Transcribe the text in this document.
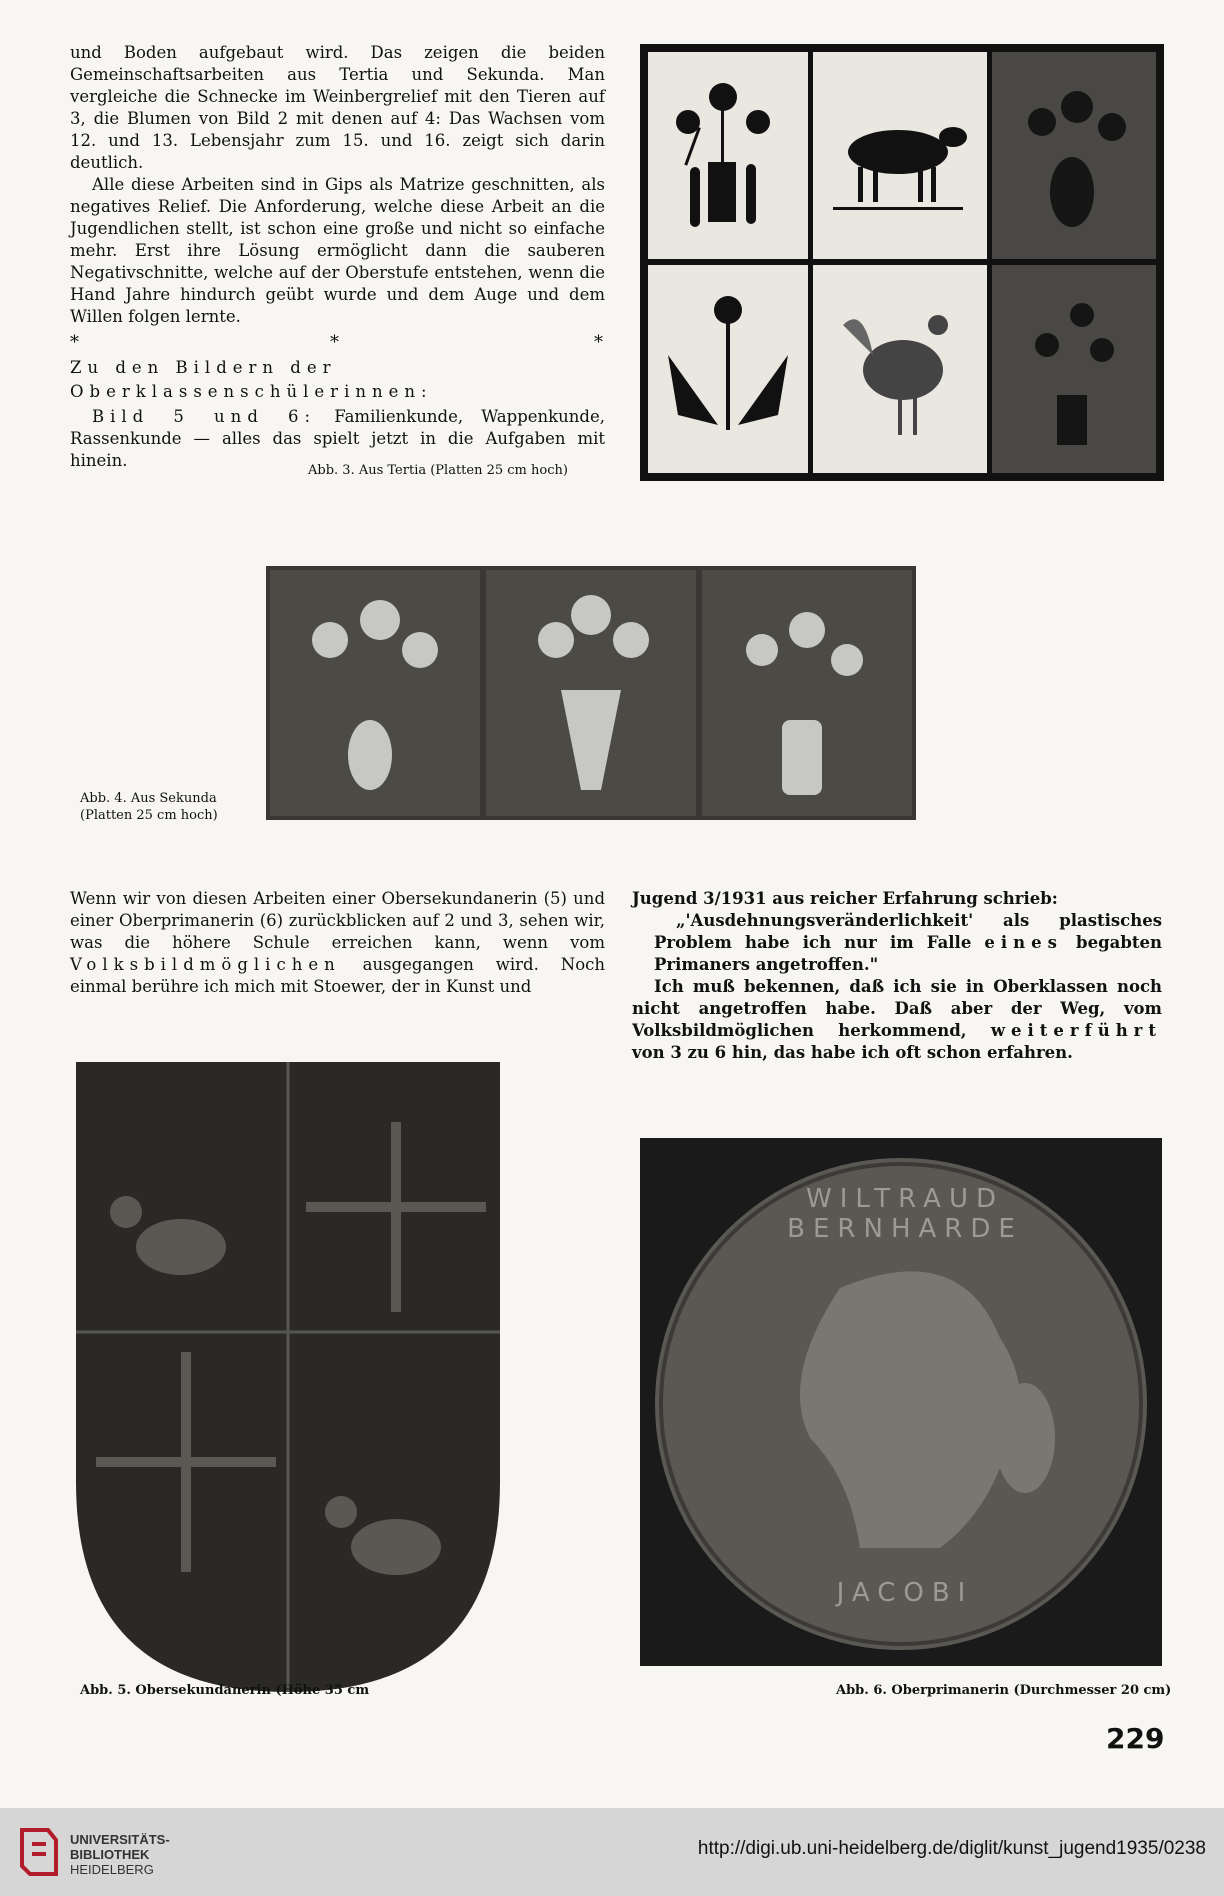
und Boden aufgebaut wird. Das zeigen die beiden Gemeinschaftsarbeiten aus Tertia und Sekunda. Man vergleiche die Schnecke im Weinbergrelief mit den Tieren auf 3, die Blumen von Bild 2 mit denen auf 4: Das Wachsen vom 12. und 13. Lebensjahr zum 15. und 16. zeigt sich darin deutlich.

Alle diese Arbeiten sind in Gips als Matrize geschnitten, als negatives Relief. Die Anforderung, welche diese Arbeit an die Jugendlichen stellt, ist schon eine große und nicht so einfache mehr. Erst ihre Lösung ermöglicht dann die sauberen Negativschnitte, welche auf der Oberstufe entstehen, wenn die Hand Jahre hindurch geübt wurde und dem Auge und dem Willen folgen lernte.

*	*	*
Zu den Bildern der Oberklassenschülerinnen:

Bild 5 und 6: Familienkunde, Wappenkunde, Rassenkunde — alles das spielt jetzt in die Aufgaben mit hinein.

Abb. 3. Aus Tertia (Platten 25 cm hoch)
Abb. 4. Aus Sekunda
(Platten 25 cm hoch)

Wenn wir von diesen Arbeiten einer Obersekundanerin (5) und einer Oberprimanerin (6) zurückblicken auf 2 und 3, sehen wir, was die höhere Schule erreichen kann, wenn vom Volksbildmöglichen ausgegangen wird. Noch einmal berühre ich mich mit Stoewer, der in Kunst und

Jugend 3/1931 aus reicher Erfahrung schrieb:

„'Ausdehnungsveränderlichkeit' als plastisches Problem habe ich nur im Falle eines begabten Primaners angetroffen."

Ich muß bekennen, daß ich sie in Oberklassen noch nicht angetroffen habe. Daß aber der Weg, vom Volksbildmöglichen herkommend, weiterführt von 3 zu 6 hin, das habe ich oft schon erfahren.

Abb. 5. Obersekundanerin (Höhe 35 cm
WILTRAUD BERNHARDE
JACOBI
Abb. 6. Oberprimanerin (Durchmesser 20 cm)
229
UNIVERSITÄTS-
BIBLIOTHEK
HEIDELBERG
http://digi.ub.uni-heidelberg.de/diglit/kunst_jugend1935/0238
